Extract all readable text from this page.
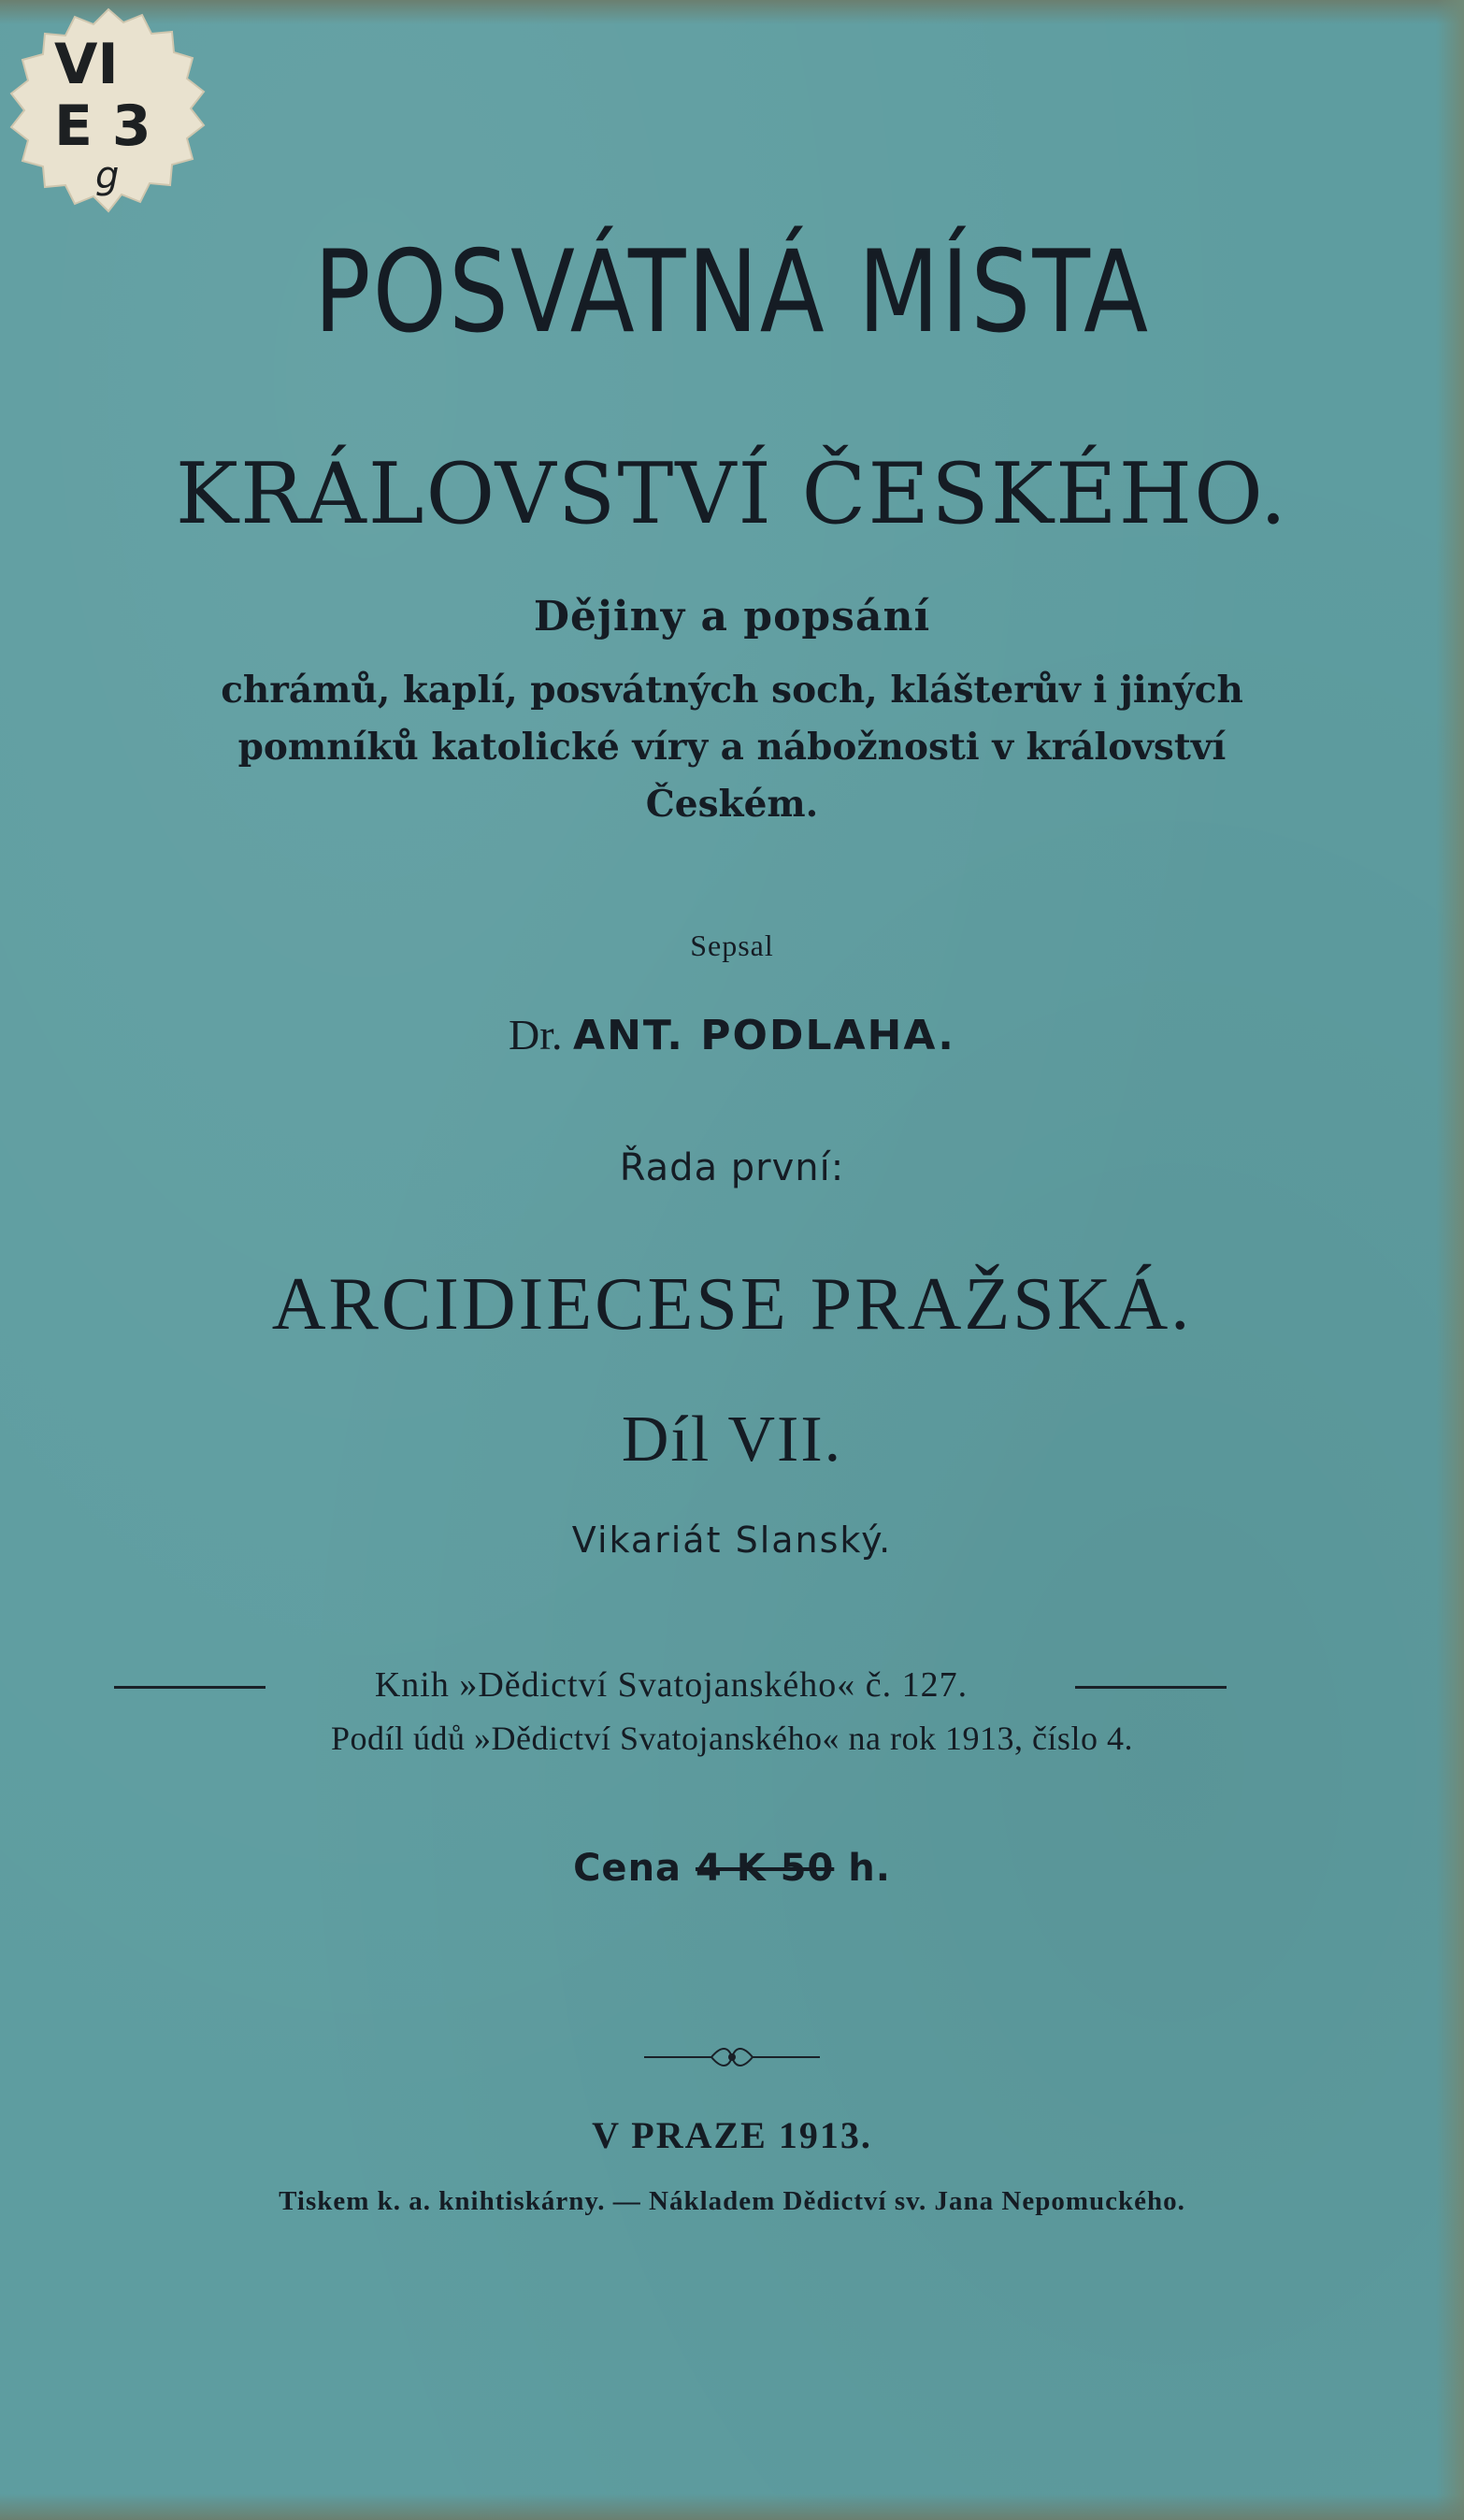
VI
E 3
g
POSVÁTNÁ MÍSTA
KRÁLOVSTVÍ ČESKÉHO.
Dějiny a popsání
chrámů, kaplí, posvátných soch, klášterův i jiných
pomníků katolické víry a nábožnosti v království
Českém.
Sepsal
Dr. ANT. PODLAHA.
Řada první:
ARCIDIECESE PRAŽSKÁ.
Díl VII.
Vikariát Slanský.
Knih »Dědictví Svatojanského« č. 127.
Podíl údů »Dědictví Svatojanského« na rok 1913, číslo 4.
Cena 4 K 50 h.
V PRAZE 1913.
Tiskem k. a. knihtiskárny. — Nákladem Dědictví sv. Jana Nepomuckého.
